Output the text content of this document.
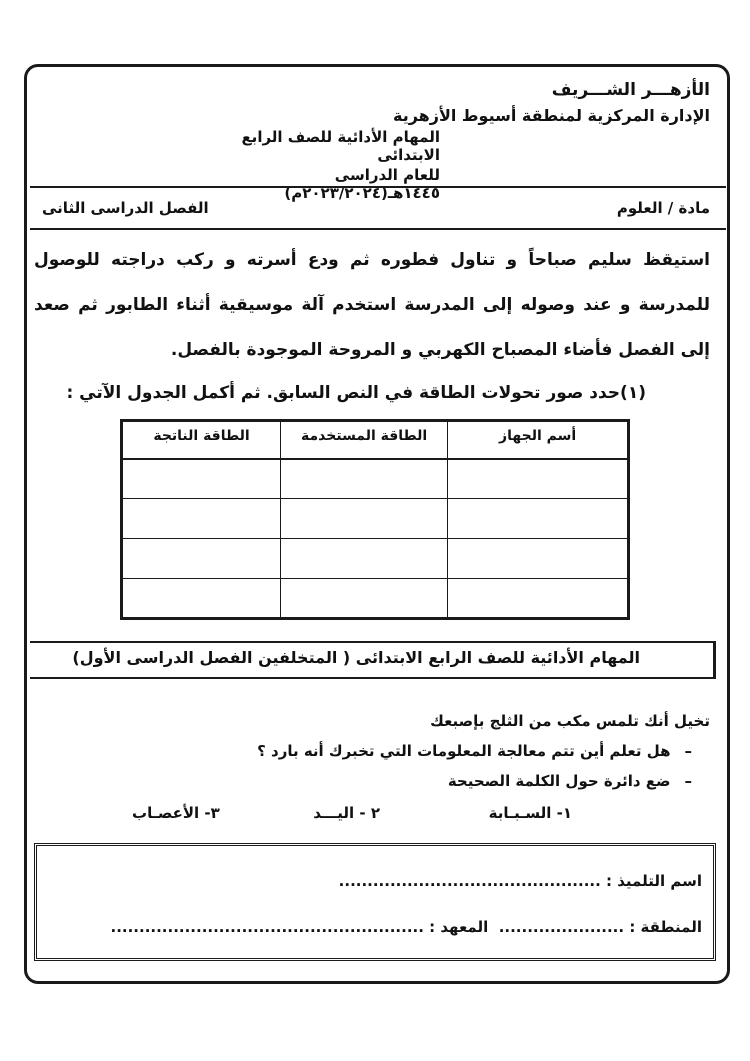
الأزهـــر الشـــريف
الإدارة المركزية لمنطقة أسيوط الأزهرية
المهام الأدائية للصف الرابع الابتدائى
للعام الدراسى ١٤٤٥هـ(٢٠٢٣/٢٠٢٤م)
مادة / العلوم
الفصل الدراسى الثانى
استيقظ سليم صباحاً و تناول فطوره ثم ودع أسرته و ركب دراجته للوصول للمدرسة و عند وصوله إلى المدرسة استخدم آلة موسيقية أثناء الطابور ثم صعد إلى الفصل فأضاء المصباح الكهربي و المروحة الموجودة بالفصل.
(١)حدد صور تحولات الطاقة في النص السابق. ثم أكمل الجدول الآتي :
أسم الجهاز	الطاقة المستخدمة	الطاقة الناتجة

المهام الأدائية للصف الرابع الابتدائى ( المتخلفين الفصل الدراسى الأول)
تخيل أنك تلمس مكب من الثلج بإصبعك
–هل تعلم أين تتم معالجة المعلومات التي تخبرك أنه بارد ؟
–ضع دائرة حول الكلمة الصحيحة
١- السـبـابة
٢ - اليـــد
٣- الأعصـاب
اسم التلميذ : ..............................................
المنطقة : ......................  المعهد : .......................................................
